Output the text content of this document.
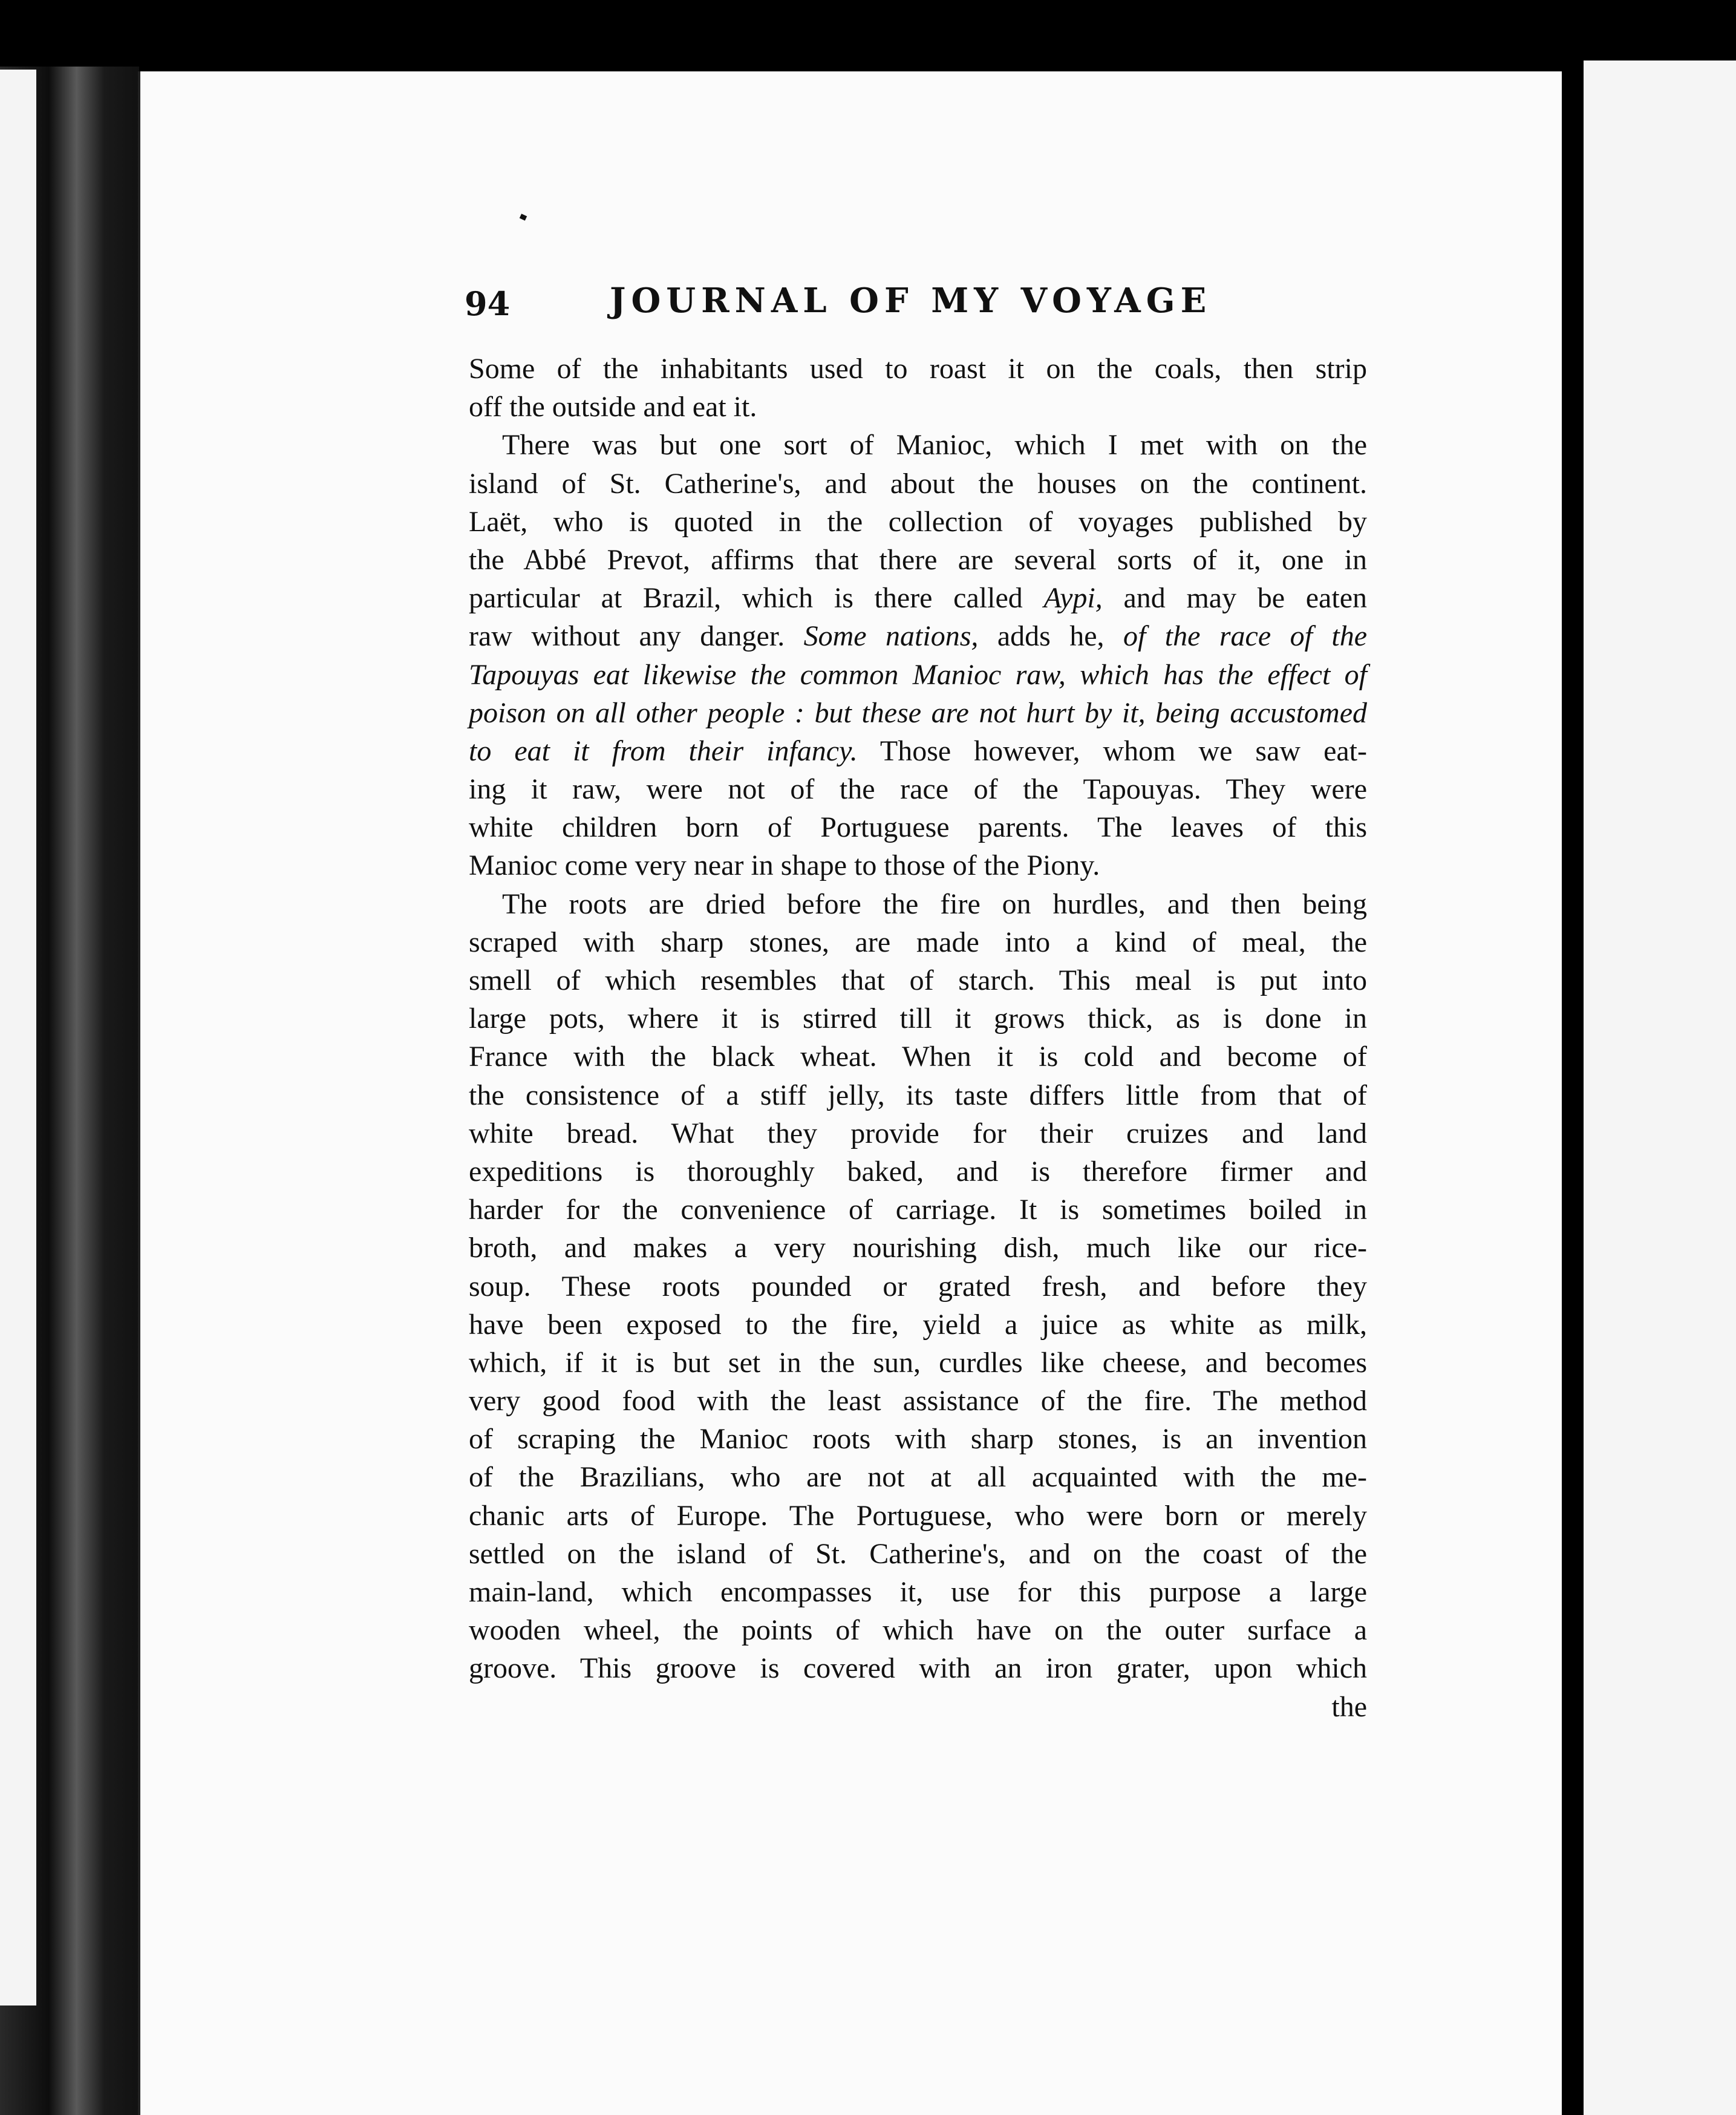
94	JOURNAL OF MY VOYAGE
Some of the inhabitants used to roast it on the coals, then strip
off the outside and eat it.
There was but one sort of Manioc, which I met with on the
island of St. Catherine's, and about the houses on the continent.
Laët, who is quoted in the collection of voyages published by
the Abbé Prevot, affirms that there are several sorts of it, one in
particular at Brazil, which is there called Aypi, and may be eaten
raw without any danger. Some nations, adds he, of the race of the
Tapouyas eat likewise the common Manioc raw, which has the effect of
poison on all other people : but these are not hurt by it, being accustomed
to eat it from their infancy. Those however, whom we saw eat-
ing it raw, were not of the race of the Tapouyas. They were
white children born of Portuguese parents. The leaves of this
Manioc come very near in shape to those of the Piony.
The roots are dried before the fire on hurdles, and then being
scraped with sharp stones, are made into a kind of meal, the
smell of which resembles that of starch. This meal is put into
large pots, where it is stirred till it grows thick, as is done in
France with the black wheat. When it is cold and become of
the consistence of a stiff jelly, its taste differs little from that of
white bread. What they provide for their cruizes and land
expeditions is thoroughly baked, and is therefore firmer and
harder for the convenience of carriage. It is sometimes boiled in
broth, and makes a very nourishing dish, much like our rice-
soup. These roots pounded or grated fresh, and before they
have been exposed to the fire, yield a juice as white as milk,
which, if it is but set in the sun, curdles like cheese, and becomes
very good food with the least assistance of the fire. The method
of scraping the Manioc roots with sharp stones, is an invention
of the Brazilians, who are not at all acquainted with the me-
chanic arts of Europe. The Portuguese, who were born or merely
settled on the island of St. Catherine's, and on the coast of the
main-land, which encompasses it, use for this purpose a large
wooden wheel, the points of which have on the outer surface a
groove. This groove is covered with an iron grater, upon which
the
